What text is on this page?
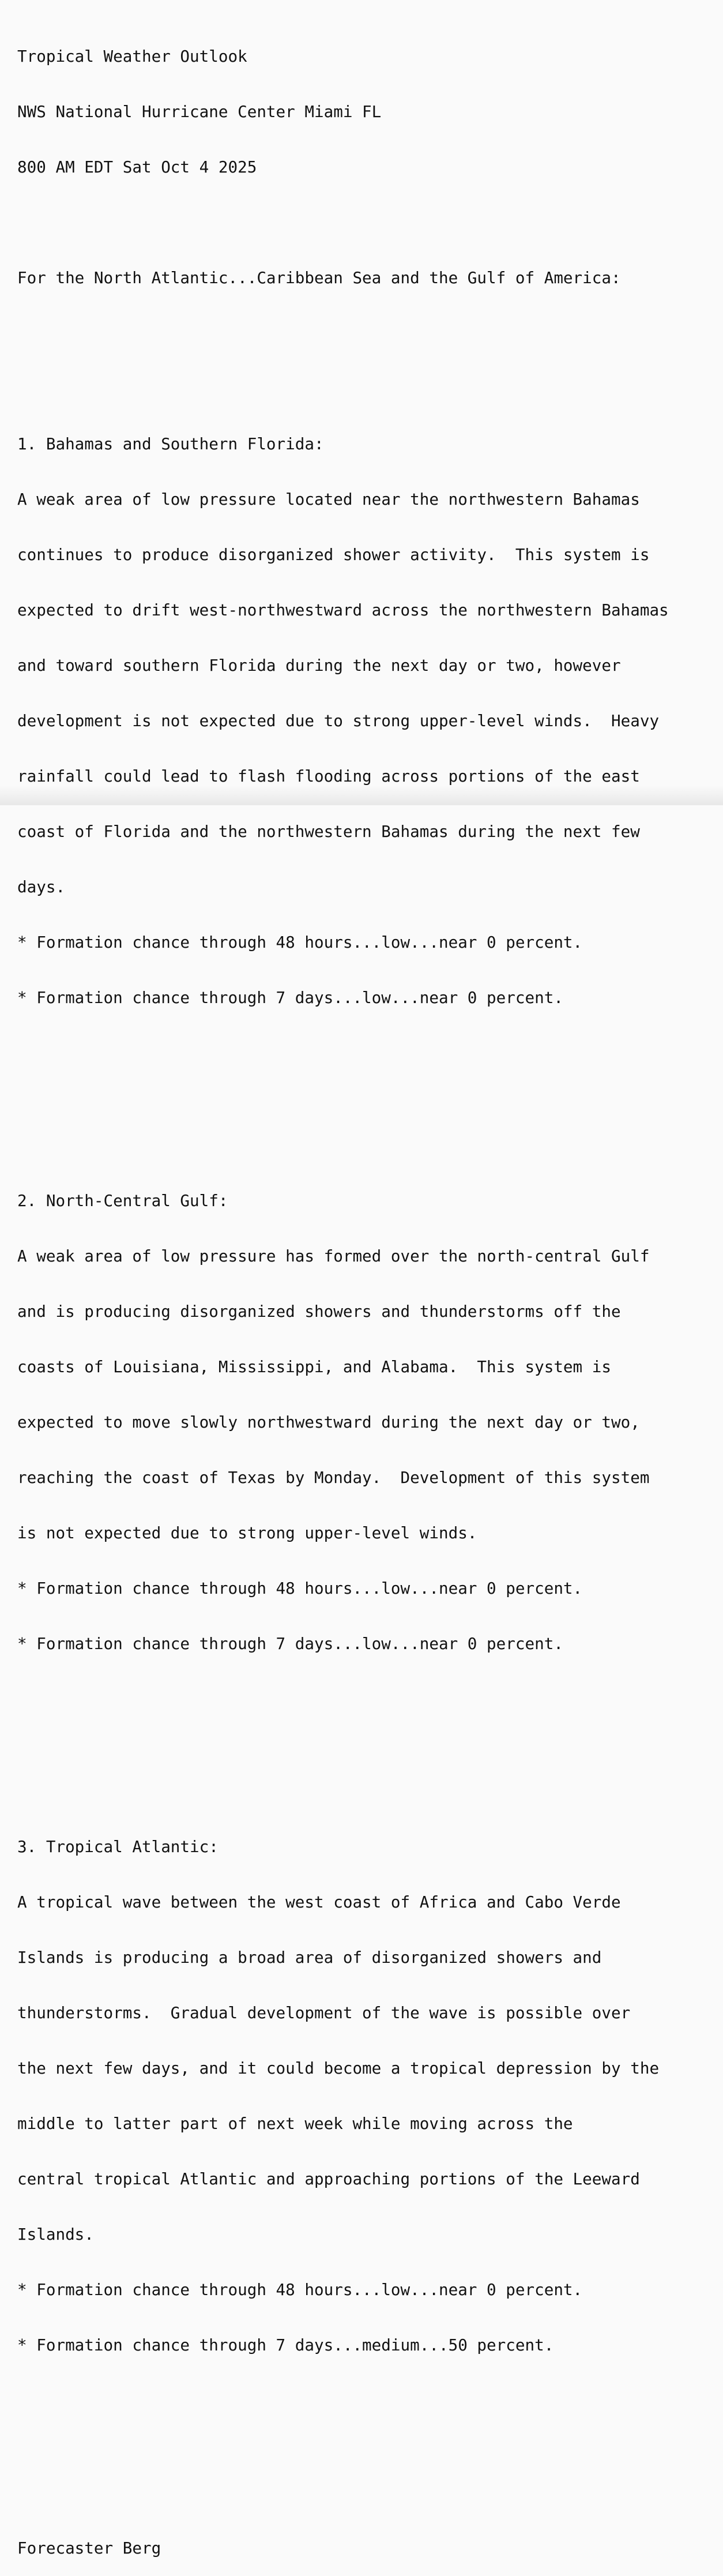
Tropical Weather Outlook

NWS National Hurricane Center Miami FL

800 AM EDT Sat Oct 4 2025

For the North Atlantic...Caribbean Sea and the Gulf of America:

1. Bahamas and Southern Florida:

A weak area of low pressure located near the northwestern Bahamas

continues to produce disorganized shower activity.  This system is

expected to drift west-northwestward across the northwestern Bahamas

and toward southern Florida during the next day or two, however

development is not expected due to strong upper-level winds.  Heavy

rainfall could lead to flash flooding across portions of the east

coast of Florida and the northwestern Bahamas during the next few

days.

* Formation chance through 48 hours...low...near 0 percent.

* Formation chance through 7 days...low...near 0 percent.

2. North-Central Gulf:

A weak area of low pressure has formed over the north-central Gulf

and is producing disorganized showers and thunderstorms off the

coasts of Louisiana, Mississippi, and Alabama.  This system is

expected to move slowly northwestward during the next day or two,

reaching the coast of Texas by Monday.  Development of this system

is not expected due to strong upper-level winds.

* Formation chance through 48 hours...low...near 0 percent.

* Formation chance through 7 days...low...near 0 percent.

3. Tropical Atlantic:

A tropical wave between the west coast of Africa and Cabo Verde

Islands is producing a broad area of disorganized showers and

thunderstorms.  Gradual development of the wave is possible over

the next few days, and it could become a tropical depression by the

middle to latter part of next week while moving across the

central tropical Atlantic and approaching portions of the Leeward

Islands.

* Formation chance through 48 hours...low...near 0 percent.

* Formation chance through 7 days...medium...50 percent.

Forecaster Berg
